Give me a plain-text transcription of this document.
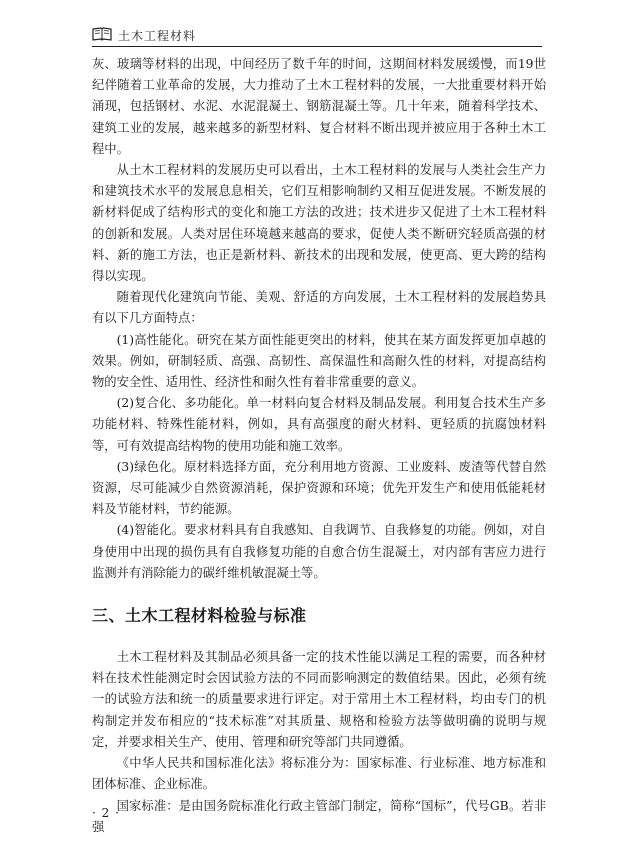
土木工程材料

灰、玻璃等材料的出现，中间经历了数千年的时间，这期间材料发展缓慢，而19世纪伴随着工业革命的发展，大力推动了土木工程材料的发展，一大批重要材料开始涌现，包括钢材、水泥、水泥混凝土、钢筋混凝土等。几十年来，随着科学技术、建筑工业的发展，越来越多的新型材料、复合材料不断出现并被应用于各种土木工程中。

从土木工程材料的发展历史可以看出，土木工程材料的发展与人类社会生产力和建筑技术水平的发展息息相关，它们互相影响制约又相互促进发展。不断发展的新材料促成了结构形式的变化和施工方法的改进；技术进步又促进了土木工程材料的创新和发展。人类对居住环境越来越高的要求，促使人类不断研究轻质高强的材料、新的施工方法，也正是新材料、新技术的出现和发展，使更高、更大跨的结构得以实现。

随着现代化建筑向节能、美观、舒适的方向发展，土木工程材料的发展趋势具有以下几方面特点：

(1)高性能化。研究在某方面性能更突出的材料，使其在某方面发挥更加卓越的效果。例如，研制轻质、高强、高韧性、高保温性和高耐久性的材料，对提高结构物的安全性、适用性、经济性和耐久性有着非常重要的意义。

(2)复合化、多功能化。单一材料向复合材料及制品发展。利用复合技术生产多功能材料、特殊性能材料，例如，具有高强度的耐火材料、更轻质的抗腐蚀材料等，可有效提高结构物的使用功能和施工效率。

(3)绿色化。原材料选择方面，充分利用地方资源、工业废料、废渣等代替自然资源，尽可能减少自然资源消耗，保护资源和环境；优先开发生产和使用低能耗材料及节能材料，节约能源。

(4)智能化。要求材料具有自我感知、自我调节、自我修复的功能。例如，对自身使用中出现的损伤具有自我修复功能的自愈合仿生混凝土，对内部有害应力进行监测并有消除能力的碳纤维机敏混凝土等。

三、土木工程材料检验与标准

土木工程材料及其制品必须具备一定的技术性能以满足工程的需要，而各种材料在技术性能测定时会因试验方法的不同而影响测定的数值结果。因此，必须有统一的试验方法和统一的质量要求进行评定。对于常用土木工程材料，均由专门的机构制定并发布相应的“技术标准”对其质量、规格和检验方法等做明确的说明与规定，并要求相关生产、使用、管理和研究等部门共同遵循。

《中华人民共和国标准化法》将标准分为：国家标准、行业标准、地方标准和团体标准、企业标准。

国家标准：是由国务院标准化行政主管部门制定，简称“国标”，代号GB。若非强

· 2 ·
